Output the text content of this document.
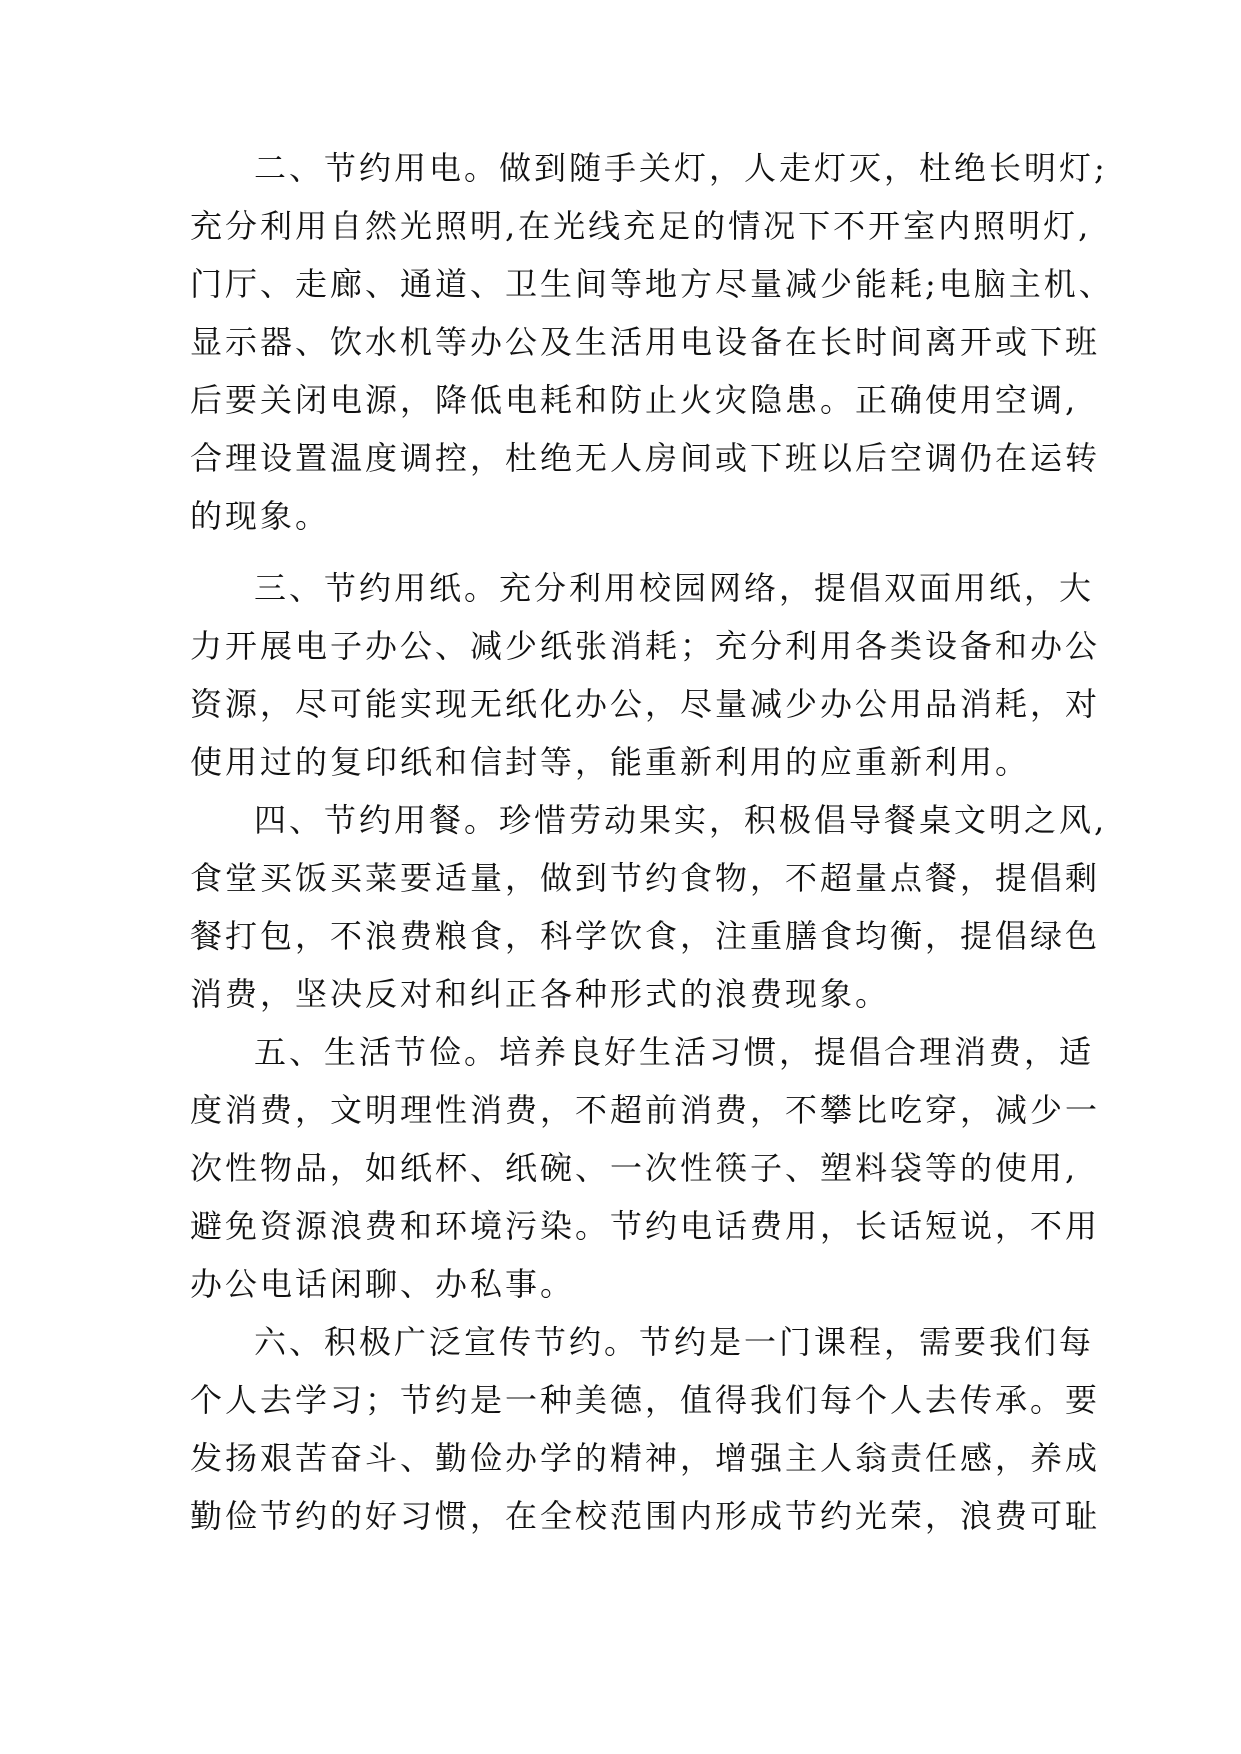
二、节约用电。做到随手关灯，人走灯灭，杜绝长明灯;
充分利用自然光照明,在光线充足的情况下不开室内照明灯,
门厅、走廊、通道、卫生间等地方尽量减少能耗;电脑主机、
显示器、饮水机等办公及生活用电设备在长时间离开或下班
后要关闭电源，降低电耗和防止火灾隐患。正确使用空调,
合理设置温度调控，杜绝无人房间或下班以后空调仍在运转
的现象。
三、节约用纸。充分利用校园网络，提倡双面用纸，大
力开展电子办公、减少纸张消耗；充分利用各类设备和办公
资源，尽可能实现无纸化办公，尽量减少办公用品消耗，对
使用过的复印纸和信封等，能重新利用的应重新利用。
四、节约用餐。珍惜劳动果实，积极倡导餐桌文明之风,
食堂买饭买菜要适量，做到节约食物，不超量点餐，提倡剩
餐打包，不浪费粮食，科学饮食，注重膳食均衡，提倡绿色
消费，坚决反对和纠正各种形式的浪费现象。
五、生活节俭。培养良好生活习惯，提倡合理消费，适
度消费，文明理性消费，不超前消费，不攀比吃穿，减少一
次性物品，如纸杯、纸碗、一次性筷子、塑料袋等的使用,
避免资源浪费和环境污染。节约电话费用，长话短说，不用
办公电话闲聊、办私事。
六、积极广泛宣传节约。节约是一门课程，需要我们每
个人去学习；节约是一种美德，值得我们每个人去传承。要
发扬艰苦奋斗、勤俭办学的精神，增强主人翁责任感，养成
勤俭节约的好习惯，在全校范围内形成节约光荣，浪费可耻
